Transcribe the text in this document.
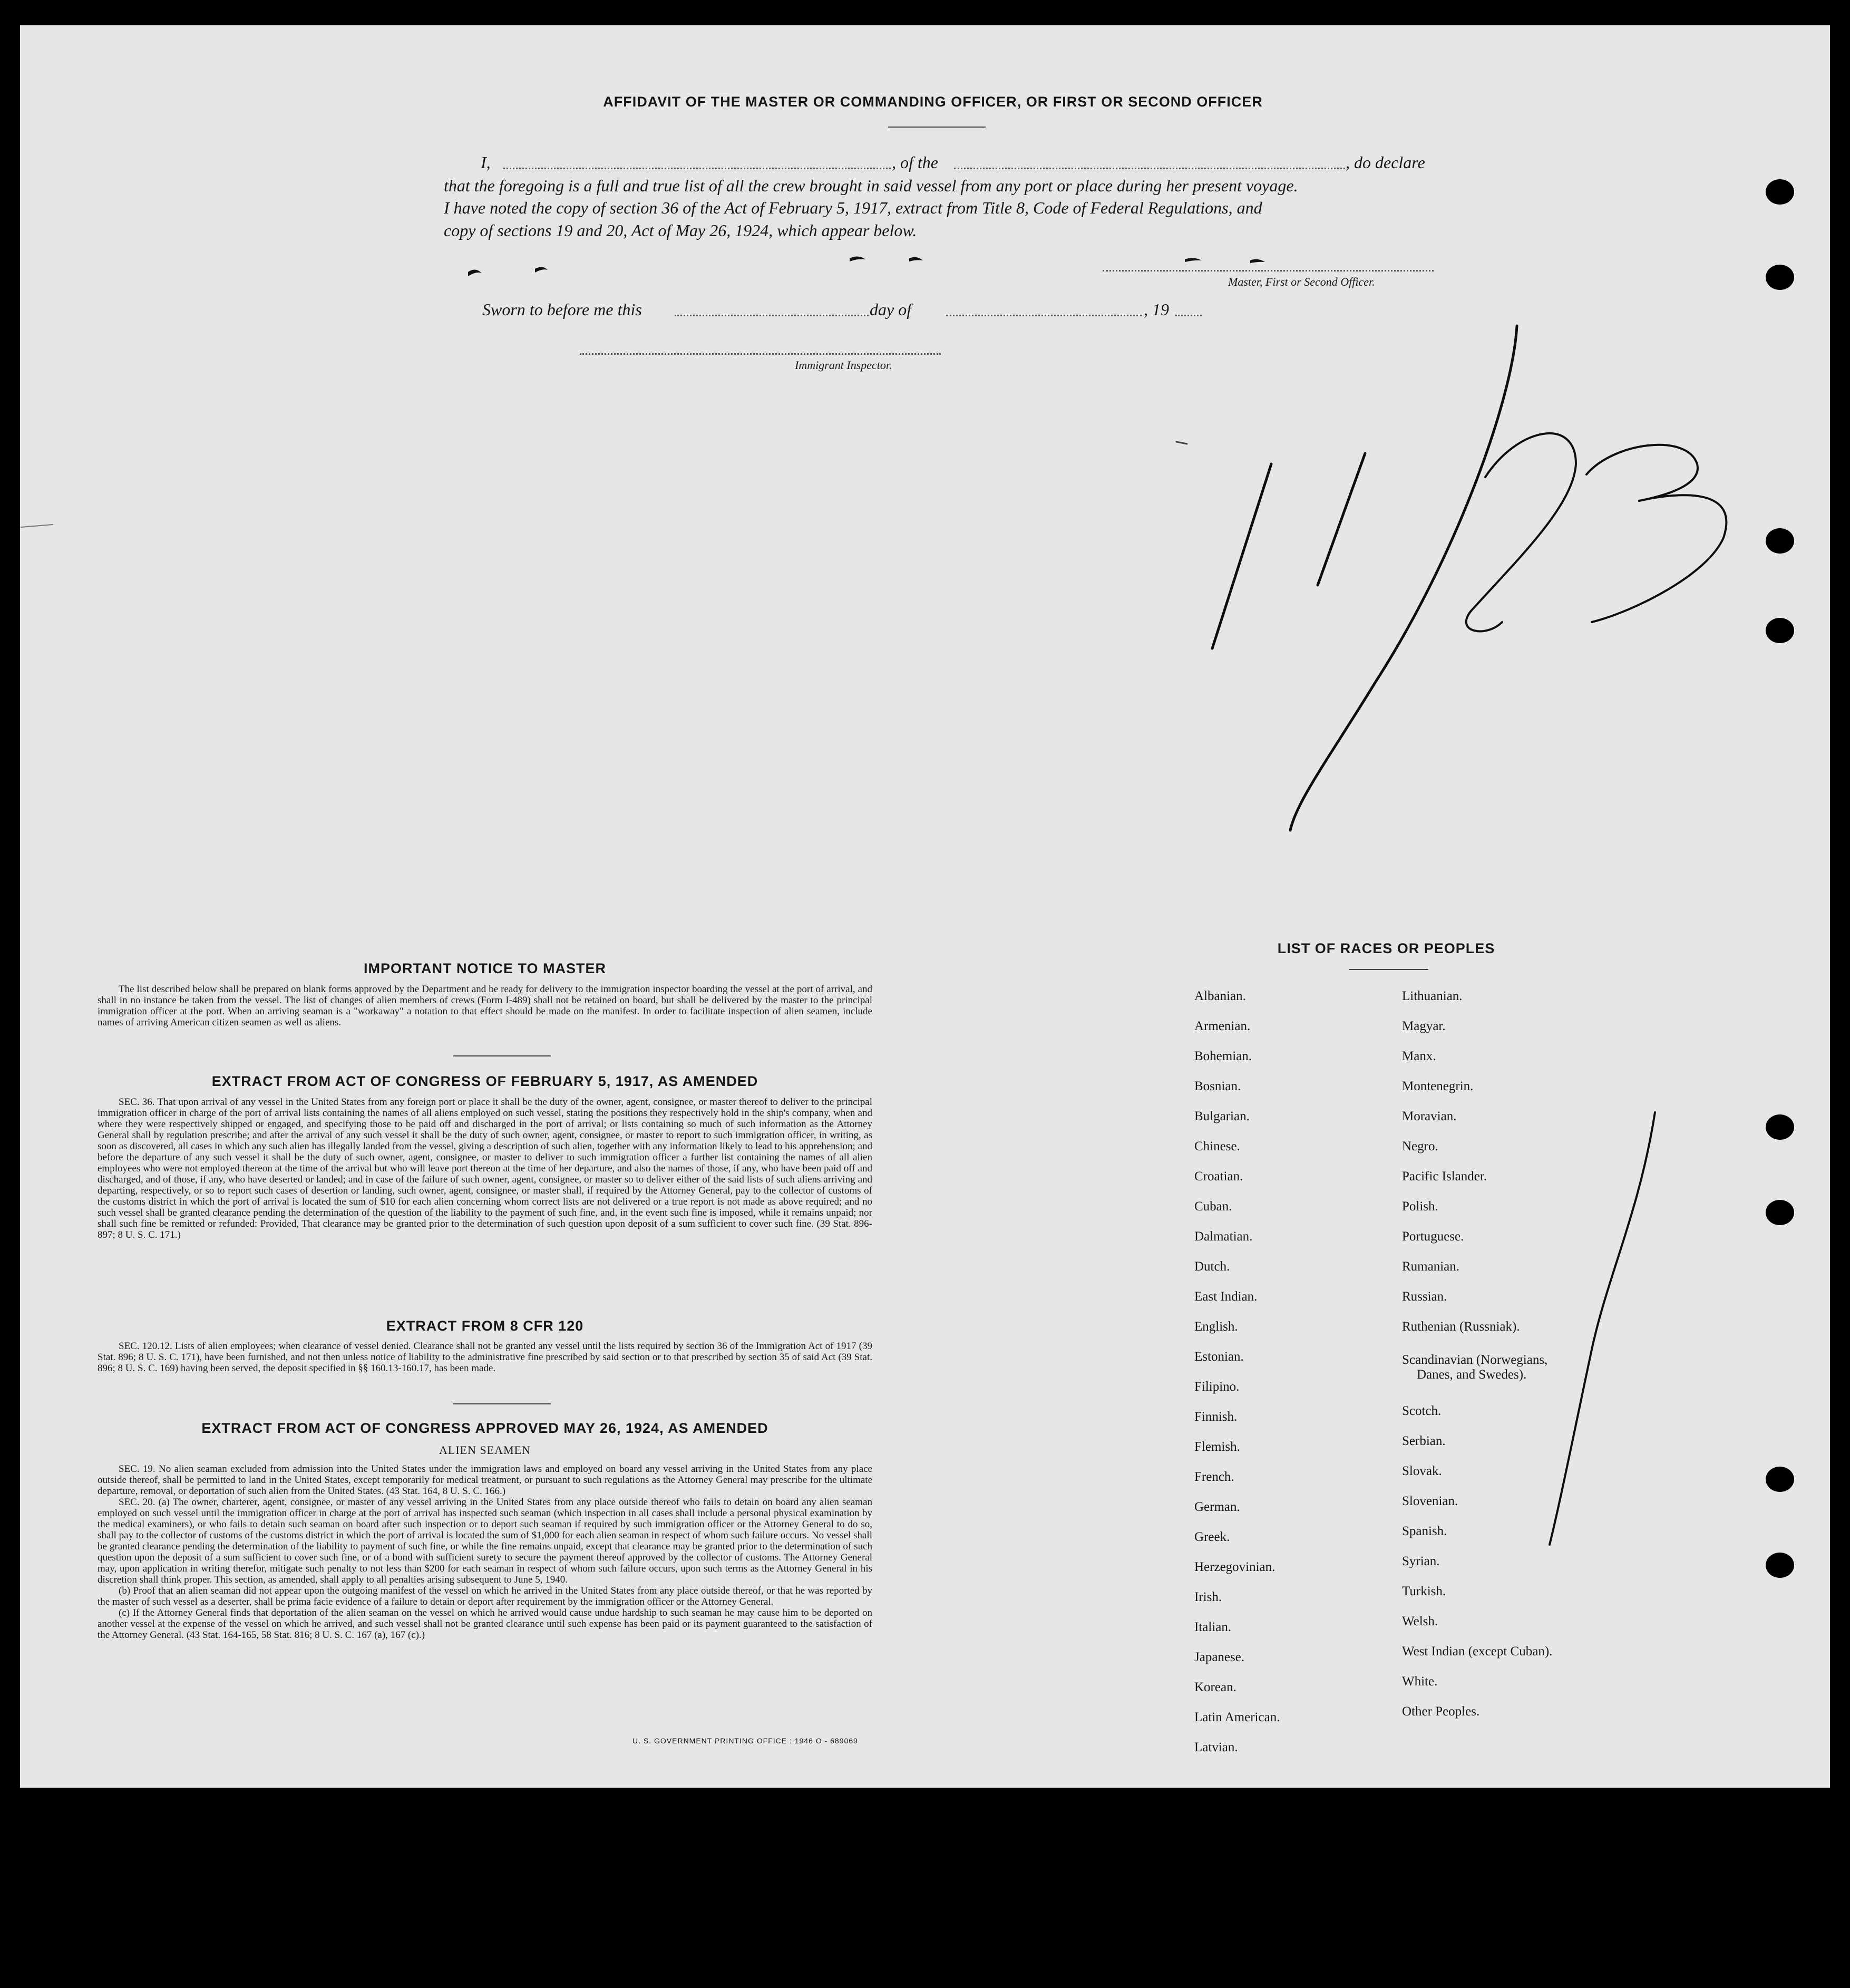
AFFIDAVIT OF THE MASTER OR COMMANDING OFFICER, OR FIRST OR SECOND OFFICER
I,	, of the	, do declare
that the foregoing is a full and true list of all the crew brought in said vessel from any port or place during her present voyage.
I have noted the copy of section 36 of the Act of February 5, 1917, extract from Title 8, Code of Federal Regulations, and
copy of sections 19 and 20, Act of May 26, 1924, which appear below.
Master, First or Second Officer.
Sworn to before me this	day of	, 19
Immigrant Inspector.
IMPORTANT NOTICE TO MASTER
The list described below shall be prepared on blank forms approved by the Department and be ready for delivery to the immigration inspector boarding the vessel at the port of arrival, and shall in no instance be taken from the vessel. The list of changes of alien members of crews (Form I-489) shall not be retained on board, but shall be delivered by the master to the principal immigration officer at the port. When an arriving seaman is a "workaway" a notation to that effect should be made on the manifest. In order to facilitate inspection of alien seamen, include names of arriving American citizen seamen as well as aliens.
EXTRACT FROM ACT OF CONGRESS OF FEBRUARY 5, 1917, AS AMENDED
SEC. 36. That upon arrival of any vessel in the United States from any foreign port or place it shall be the duty of the owner, agent, consignee, or master thereof to deliver to the principal immigration officer in charge of the port of arrival lists containing the names of all aliens employed on such vessel, stating the positions they respectively hold in the ship's company, when and where they were respectively shipped or engaged, and specifying those to be paid off and discharged in the port of arrival; or lists containing so much of such information as the Attorney General shall by regulation prescribe; and after the arrival of any such vessel it shall be the duty of such owner, agent, consignee, or master to report to such immigration officer, in writing, as soon as discovered, all cases in which any such alien has illegally landed from the vessel, giving a description of such alien, together with any information likely to lead to his apprehension; and before the departure of any such vessel it shall be the duty of such owner, agent, consignee, or master to deliver to such immigration officer a further list containing the names of all alien employees who were not employed thereon at the time of the arrival but who will leave port thereon at the time of her departure, and also the names of those, if any, who have been paid off and discharged, and of those, if any, who have deserted or landed; and in case of the failure of such owner, agent, consignee, or master so to deliver either of the said lists of such aliens arriving and departing, respectively, or so to report such cases of desertion or landing, such owner, agent, consignee, or master shall, if required by the Attorney General, pay to the collector of customs of the customs district in which the port of arrival is located the sum of $10 for each alien concerning whom correct lists are not delivered or a true report is not made as above required; and no such vessel shall be granted clearance pending the determination of the question of the liability to the payment of such fine, and, in the event such fine is imposed, while it remains unpaid; nor shall such fine be remitted or refunded: Provided, That clearance may be granted prior to the determination of such question upon deposit of a sum sufficient to cover such fine. (39 Stat. 896-897; 8 U. S. C. 171.)
EXTRACT FROM 8 CFR 120
SEC. 120.12. Lists of alien employees; when clearance of vessel denied. Clearance shall not be granted any vessel until the lists required by section 36 of the Immigration Act of 1917 (39 Stat. 896; 8 U. S. C. 171), have been furnished, and not then unless notice of liability to the administrative fine prescribed by said section or to that prescribed by section 35 of said Act (39 Stat. 896; 8 U. S. C. 169) having been served, the deposit specified in §§ 160.13-160.17, has been made.
EXTRACT FROM ACT OF CONGRESS APPROVED MAY 26, 1924, AS AMENDED
ALIEN SEAMEN
SEC. 19. No alien seaman excluded from admission into the United States under the immigration laws and employed on board any vessel arriving in the United States from any place outside thereof, shall be permitted to land in the United States, except temporarily for medical treatment, or pursuant to such regulations as the Attorney General may prescribe for the ultimate departure, removal, or deportation of such alien from the United States. (43 Stat. 164, 8 U. S. C. 166.)
SEC. 20. (a) The owner, charterer, agent, consignee, or master of any vessel arriving in the United States from any place outside thereof who fails to detain on board any alien seaman employed on such vessel until the immigration officer in charge at the port of arrival has inspected such seaman (which inspection in all cases shall include a personal physical examination by the medical examiners), or who fails to detain such seaman on board after such inspection or to deport such seaman if required by such immigration officer or the Attorney General to do so, shall pay to the collector of customs of the customs district in which the port of arrival is located the sum of $1,000 for each alien seaman in respect of whom such failure occurs. No vessel shall be granted clearance pending the determination of the liability to payment of such fine, or while the fine remains unpaid, except that clearance may be granted prior to the determination of such question upon the deposit of a sum sufficient to cover such fine, or of a bond with sufficient surety to secure the payment thereof approved by the collector of customs. The Attorney General may, upon application in writing therefor, mitigate such penalty to not less than $200 for each seaman in respect of whom such failure occurs, upon such terms as the Attorney General in his discretion shall think proper. This section, as amended, shall apply to all penalties arising subsequent to June 5, 1940.
(b) Proof that an alien seaman did not appear upon the outgoing manifest of the vessel on which he arrived in the United States from any place outside thereof, or that he was reported by the master of such vessel as a deserter, shall be prima facie evidence of a failure to detain or deport after requirement by the immigration officer or the Attorney General.
(c) If the Attorney General finds that deportation of the alien seaman on the vessel on which he arrived would cause undue hardship to such seaman he may cause him to be deported on another vessel at the expense of the vessel on which he arrived, and such vessel shall not be granted clearance until such expense has been paid or its payment guaranteed to the satisfaction of the Attorney General. (43 Stat. 164-165, 58 Stat. 816; 8 U. S. C. 167 (a), 167 (c).)
U. S. GOVERNMENT PRINTING OFFICE : 1946 O - 689069
LIST OF RACES OR PEOPLES
Albanian.
Armenian.
Bohemian.
Bosnian.
Bulgarian.
Chinese.
Croatian.
Cuban.
Dalmatian.
Dutch.
East Indian.
English.
Estonian.
Filipino.
Finnish.
Flemish.
French.
German.
Greek.
Herzegovinian.
Irish.
Italian.
Japanese.
Korean.
Latin American.
Latvian.
Lithuanian.
Magyar.
Manx.
Montenegrin.
Moravian.
Negro.
Pacific Islander.
Polish.
Portuguese.
Rumanian.
Russian.
Ruthenian (Russniak).
Scandinavian (Norwegians,
Danes, and Swedes).
Scotch.
Serbian.
Slovak.
Slovenian.
Spanish.
Syrian.
Turkish.
Welsh.
West Indian (except Cuban).
White.
Other Peoples.
